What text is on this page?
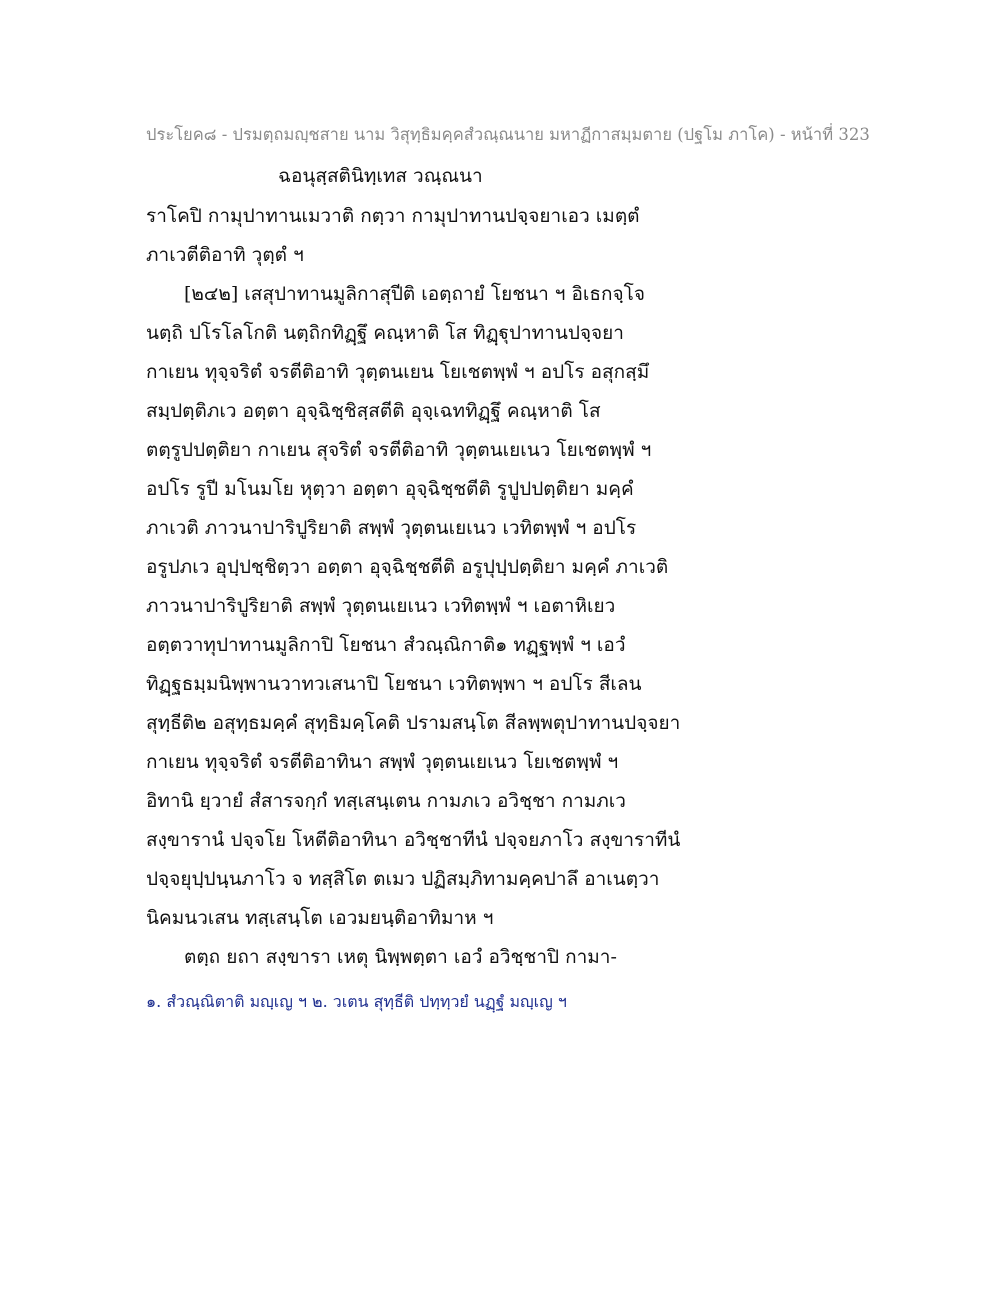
ประโยค๘ - ปรมตฺถมญฺชสาย นาม วิสุทฺธิมคฺคสํวณฺณนาย มหาฏีกาสมฺมตาย (ปฐโม ภาโค) - หน้าที่ 323
ฉอนุสฺสตินิทฺเทส วณฺณนา
ราโคปิ กามุปาทานเมวาติ กตฺวา กามุปาทานปจฺจยาเอว เมตฺตํ
ภาเวตีติอาทิ วุตฺตํ ฯ
[๒๔๒] เสสุปาทานมูลิกาสุปีติ เอตฺถายํ โยชนา ฯ อิเธกจฺโจ
นตฺถิ ปโรโลโกติ นตฺถิกทิฏฺฐึ คณฺหาติ โส ทิฏฺฐุปาทานปจฺจยา
กาเยน ทุจฺจริตํ จรตีติอาทิ วุตฺตนเยน โยเชตพฺพํ ฯ อปโร อสุกสฺมึ
สมฺปตฺติภเว อตฺตา อุจฺฉิชฺชิสฺสตีติ อุจฺเฉททิฏฺฐึ คณฺหาติ โส
ตตฺรูปปตฺติยา กาเยน สุจริตํ จรตีติอาทิ วุตฺตนเยเนว โยเชตพฺพํ ฯ
อปโร รูปี มโนมโย หุตฺวา อตฺตา อุจฺฉิชฺชตีติ รูปูปปตฺติยา มคฺคํ
ภาเวติ ภาวนาปาริปูริยาติ สพฺพํ วุตฺตนเยเนว เวทิตพฺพํ ฯ อปโร
อรูปภเว อุปฺปชฺชิตฺวา อตฺตา อุจฺฉิชฺชตีติ อรูปุปฺปตฺติยา มคฺคํ ภาเวติ
ภาวนาปาริปูริยาติ สพฺพํ วุตฺตนเยเนว เวทิตพฺพํ ฯ เอตาหิเยว
อตฺตวาทุปาทานมูลิกาปิ โยชนา สํวณฺณิกาติ๑ ทฏฺฐพฺพํ ฯ เอวํ
ทิฏฺฐธมฺมนิพฺพานวาทวเสนาปิ โยชนา เวทิตพฺพา ฯ อปโร สีเลน
สุทฺธีติ๒ อสุทฺธมคฺคํ สุทฺธิมคฺโคติ ปรามสนฺโต สีลพฺพตุปาทานปจฺจยา
กาเยน ทุจฺจริตํ จรตีติอาทินา สพฺพํ วุตฺตนเยเนว โยเชตพฺพํ ฯ
อิทานิ ยฺวายํ สํสารจกฺกํ ทสฺเสนฺเตน กามภเว อวิชฺชา กามภเว
สงฺขารานํ ปจฺจโย โหตีติอาทินา อวิชฺชาทีนํ ปจฺจยภาโว สงฺขาราทีนํ
ปจฺจยุปฺปนฺนภาโว จ ทสฺสิโต ตเมว ปฏิสมฺภิทามคฺคปาลึ อาเนตฺวา
นิคมนวเสน ทสฺเสนฺโต เอวมยนฺติอาทิมาห ฯ
ตตฺถ ยถา สงฺขารา เหตุ นิพฺพตฺตา เอวํ อวิชฺชาปิ กามา-
๑. สํวณฺณิตาติ มญฺเญ ฯ ๒. วเตน สุทฺธีติ ปทฺทฺวยํ นฏฺฐํ มญฺเญ ฯ
